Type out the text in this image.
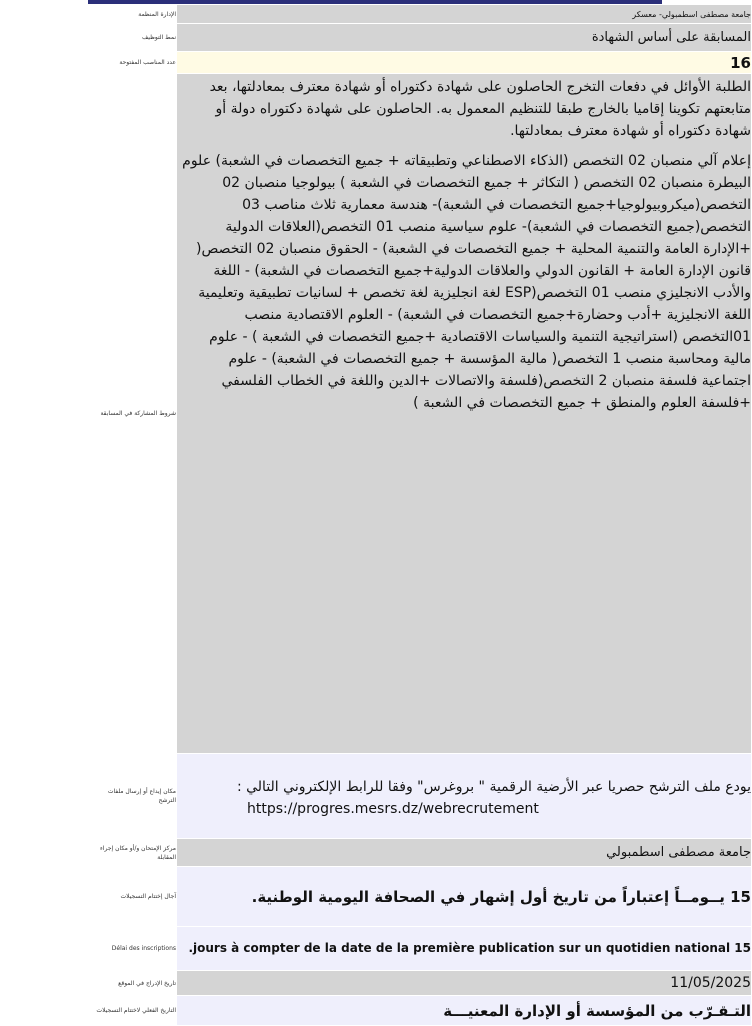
جامعة مصطفى اسطمبولي- معسكر	الإدارة المنظمة
المسابقة على أساس الشهادة	نمط التوظيف
16	عدد المناصب المفتوحة

الطلبة الأوائل في دفعات التخرج الحاصلون على شهادة دكتوراه أو شهادة معترف بمعادلتها، بعد متابعتهم تكوينا إقاميا بالخارج طبقا للتنظيم المعمول به. الحاصلون على شهادة دكتوراه دولة أو شهادة دكتوراه أو شهادة معترف بمعادلتها.

إعلام آلي منصبان 02 التخصص (الذكاء الاصطناعي وتطبيقاته + جميع التخصصات في الشعبة) علوم البيطرة منصبان 02 التخصص ( التكاثر + جميع التخصصات في الشعبة ) بيولوجيا منصبان 02 التخصص(ميكروبيولوجيا+جميع التخصصات في الشعبة)- هندسة معمارية ثلاث مناصب 03 التخصص(جميع التخصصات في الشعبة)- علوم سياسية منصب 01 التخصص(العلاقات الدولية +الإدارة العامة والتنمية المحلية + جميع التخصصات في الشعبة) - الحقوق منصبان 02 التخصص( قانون الإدارة العامة + القانون الدولي والعلاقات الدولية+جميع التخصصات في الشعبة) - اللغة والأدب الانجليزي منصب 01 التخصص(ESP لغة انجليزية لغة تخصص + لسانيات تطبيقية وتعليمية اللغة الانجليزية +أدب وحضارة+جميع التخصصات في الشعبة) - العلوم الاقتصادية منصب 01التخصص (استراتيجية التنمية والسياسات الاقتصادية +جميع التخصصات في الشعبة ) - علوم مالية ومحاسبة منصب 1 التخصص( مالية المؤسسة + جميع التخصصات في الشعبة) - علوم اجتماعية فلسفة منصبان 2 التخصص(فلسفة والاتصالات +الدين واللغة في الخطاب الفلسفي +فلسفة العلوم والمنطق + جميع التخصصات في الشعبة )	شروط المشاركة في المسابقة

يودع ملف الترشح حصريا عبر الأرضية الرقمية " بروغرس" وفقا للرابط الإلكتروني التالي :
https://progres.mesrs.dz/webrecrutement	مكان إيداع أو إرسال ملفات الترشح
جامعة مصطفى اسطمبولي	مركز الإمتحان و/أو مكان إجراء المقابلة
15 يــومــاً إعتباراً من تاريخ أول إشهار في الصحافة اليومية الوطنية.	آجال إختتام التسجيلات
15 jours à compter de la date de la première publication sur un quotidien national.	Délai des inscriptions
11/05/2025	تاريخ الإدراج في الموقع
التـقـرّب من المؤسسة أو الإدارة المعنيـــة	التاريخ الفعلي لاختتام التسجيلات
